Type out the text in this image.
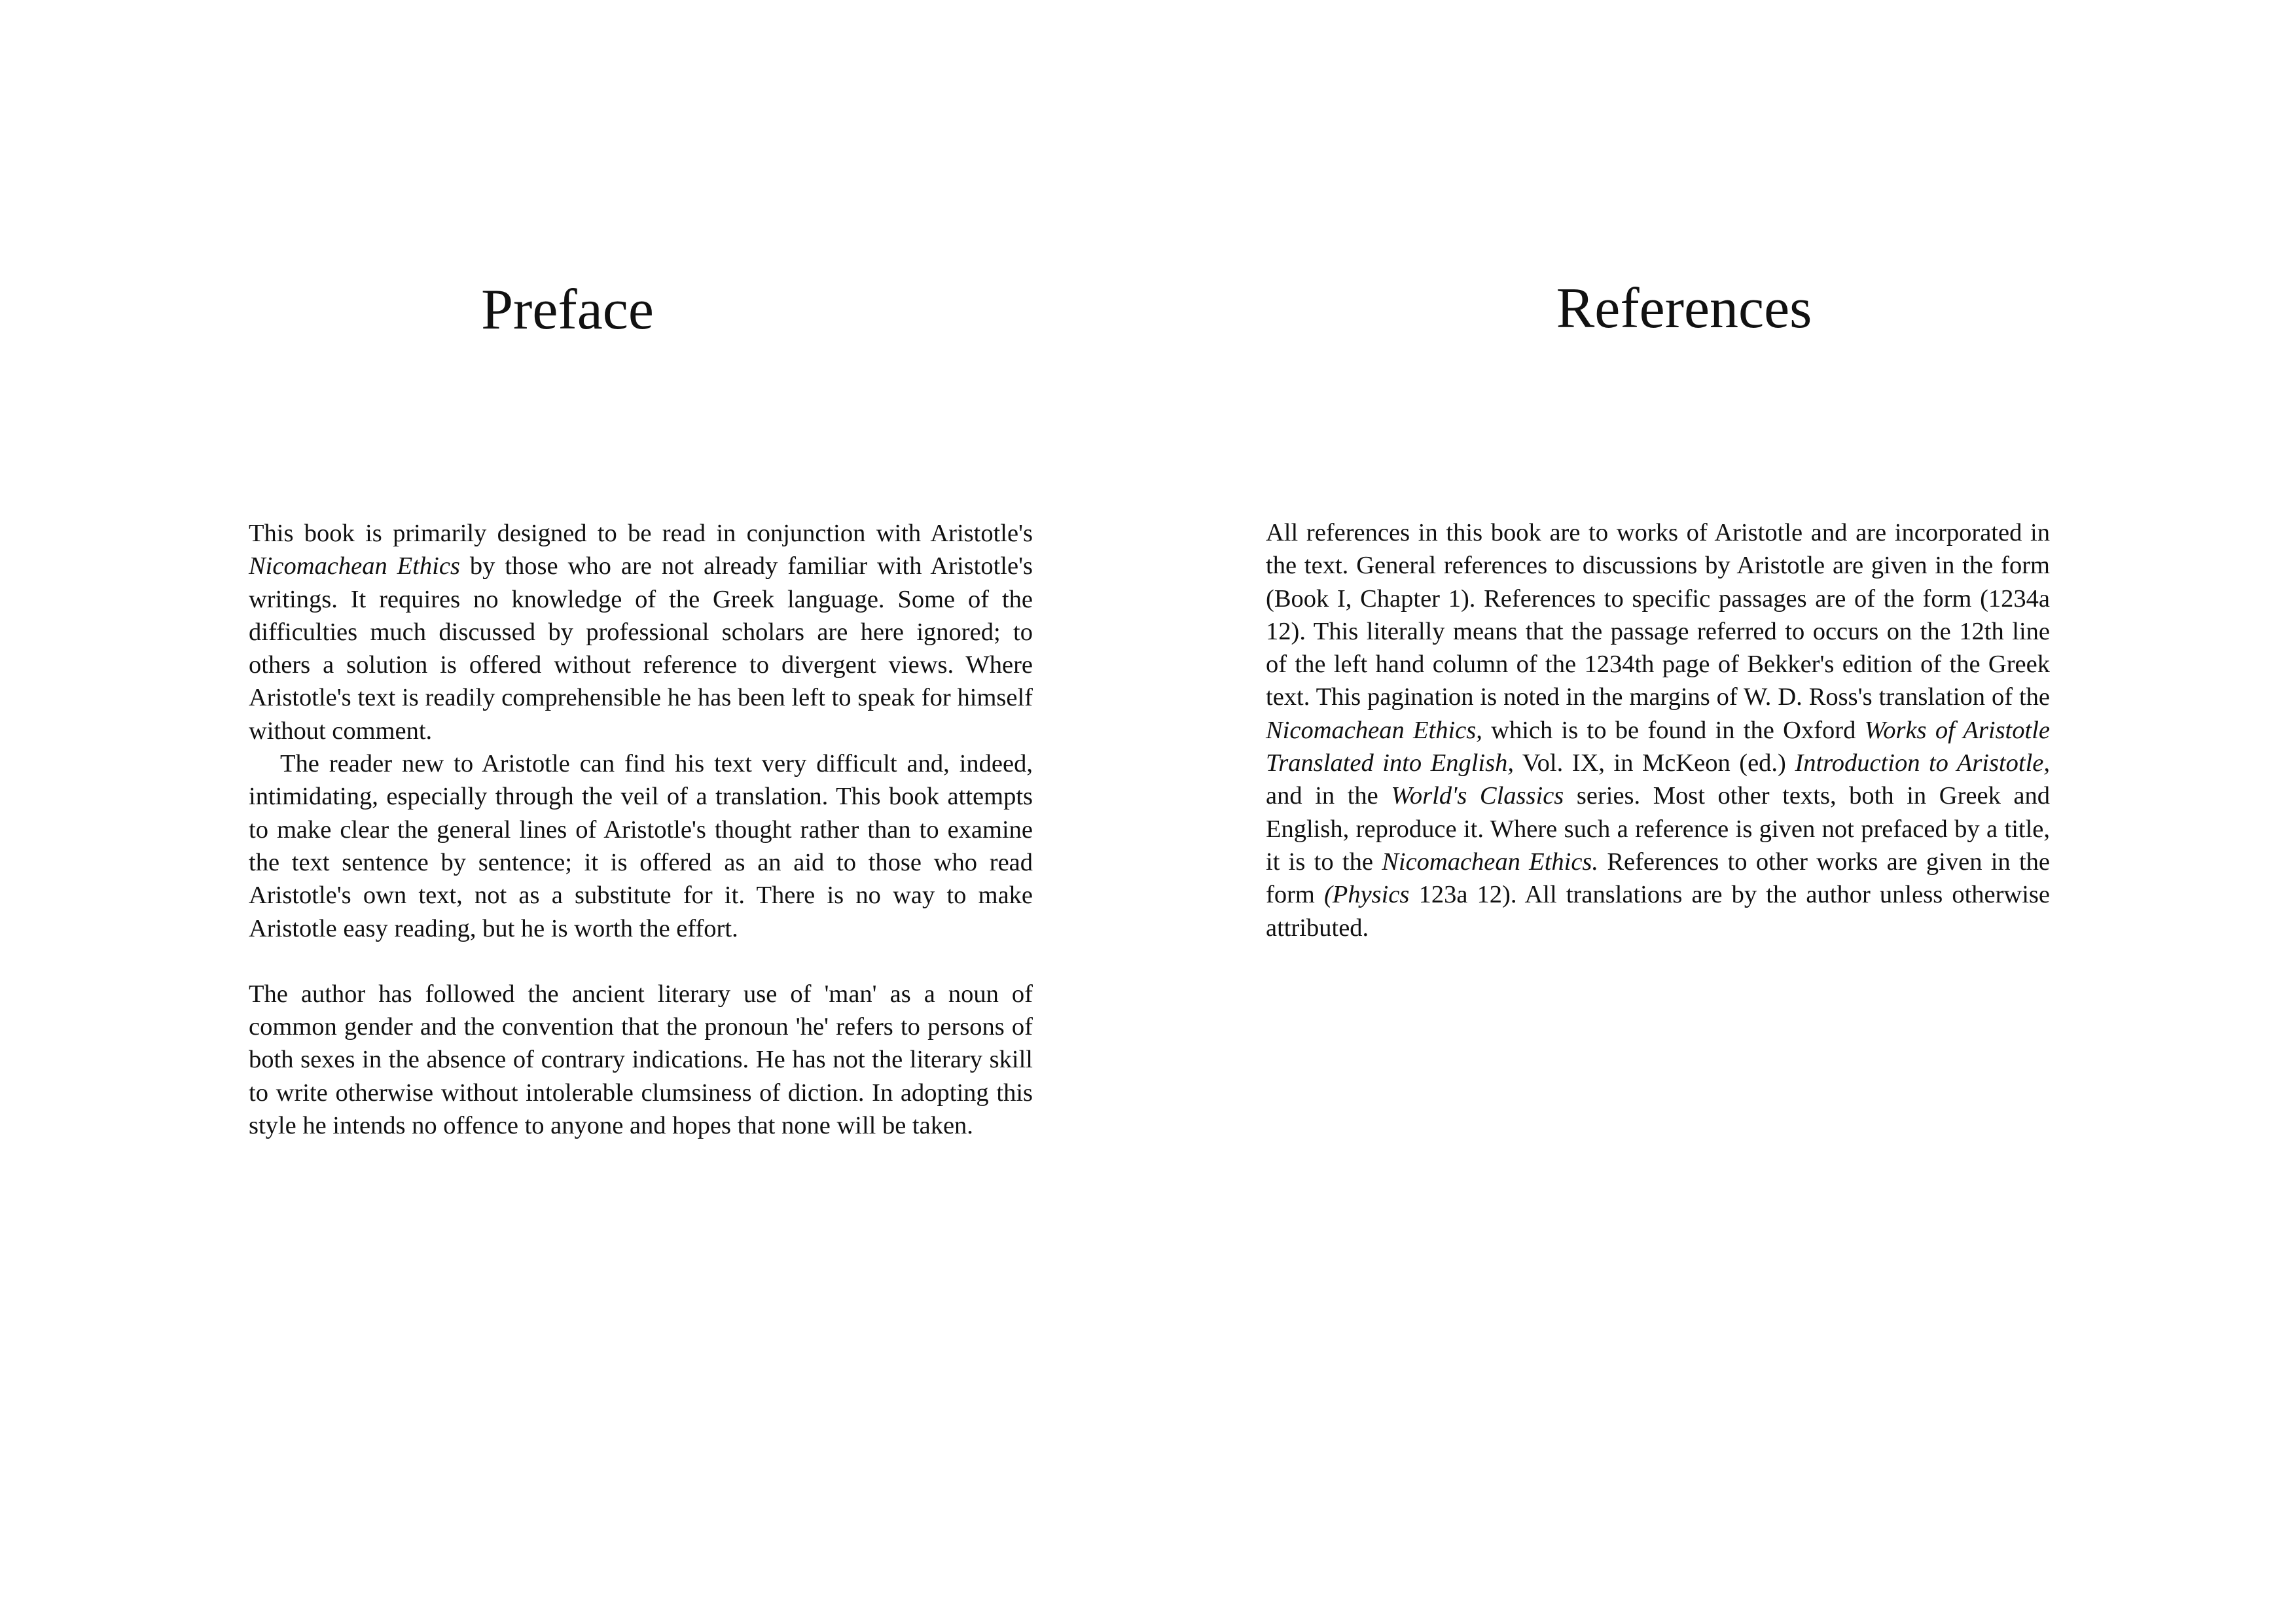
Preface

This book is primarily designed to be read in conjunction with Aristotle's Nicomachean Ethics by those who are not already familiar with Aristotle's writings. It requires no knowledge of the Greek language. Some of the difficulties much discussed by professional scholars are here ignored; to others a solution is offered without reference to divergent views. Where Aristotle's text is readily comprehensible he has been left to speak for himself without comment.

The reader new to Aristotle can find his text very difficult and, indeed, intimidating, especially through the veil of a translation. This book attempts to make clear the general lines of Aristotle's thought rather than to examine the text sentence by sentence; it is offered as an aid to those who read Aristotle's own text, not as a substitute for it. There is no way to make Aristotle easy reading, but he is worth the effort.

The author has followed the ancient literary use of 'man' as a noun of common gender and the convention that the pronoun 'he' refers to persons of both sexes in the absence of contrary indications. He has not the literary skill to write otherwise without intolerable clumsiness of diction. In adopting this style he intends no offence to anyone and hopes that none will be taken.

References

All references in this book are to works of Aristotle and are incorporated in the text. General references to discussions by Aristotle are given in the form (Book I, Chapter 1). References to specific passages are of the form (1234a 12). This literally means that the passage referred to occurs on the 12th line of the left hand column of the 1234th page of Bekker's edition of the Greek text. This pagination is noted in the margins of W. D. Ross's translation of the Nicomachean Ethics, which is to be found in the Oxford Works of Aristotle Translated into English, Vol. IX, in McKeon (ed.) Introduction to Aristotle, and in the World's Classics series. Most other texts, both in Greek and English, reproduce it. Where such a reference is given not prefaced by a title, it is to the Nicomachean Ethics. References to other works are given in the form (Physics 123a 12). All translations are by the author unless otherwise attributed.
